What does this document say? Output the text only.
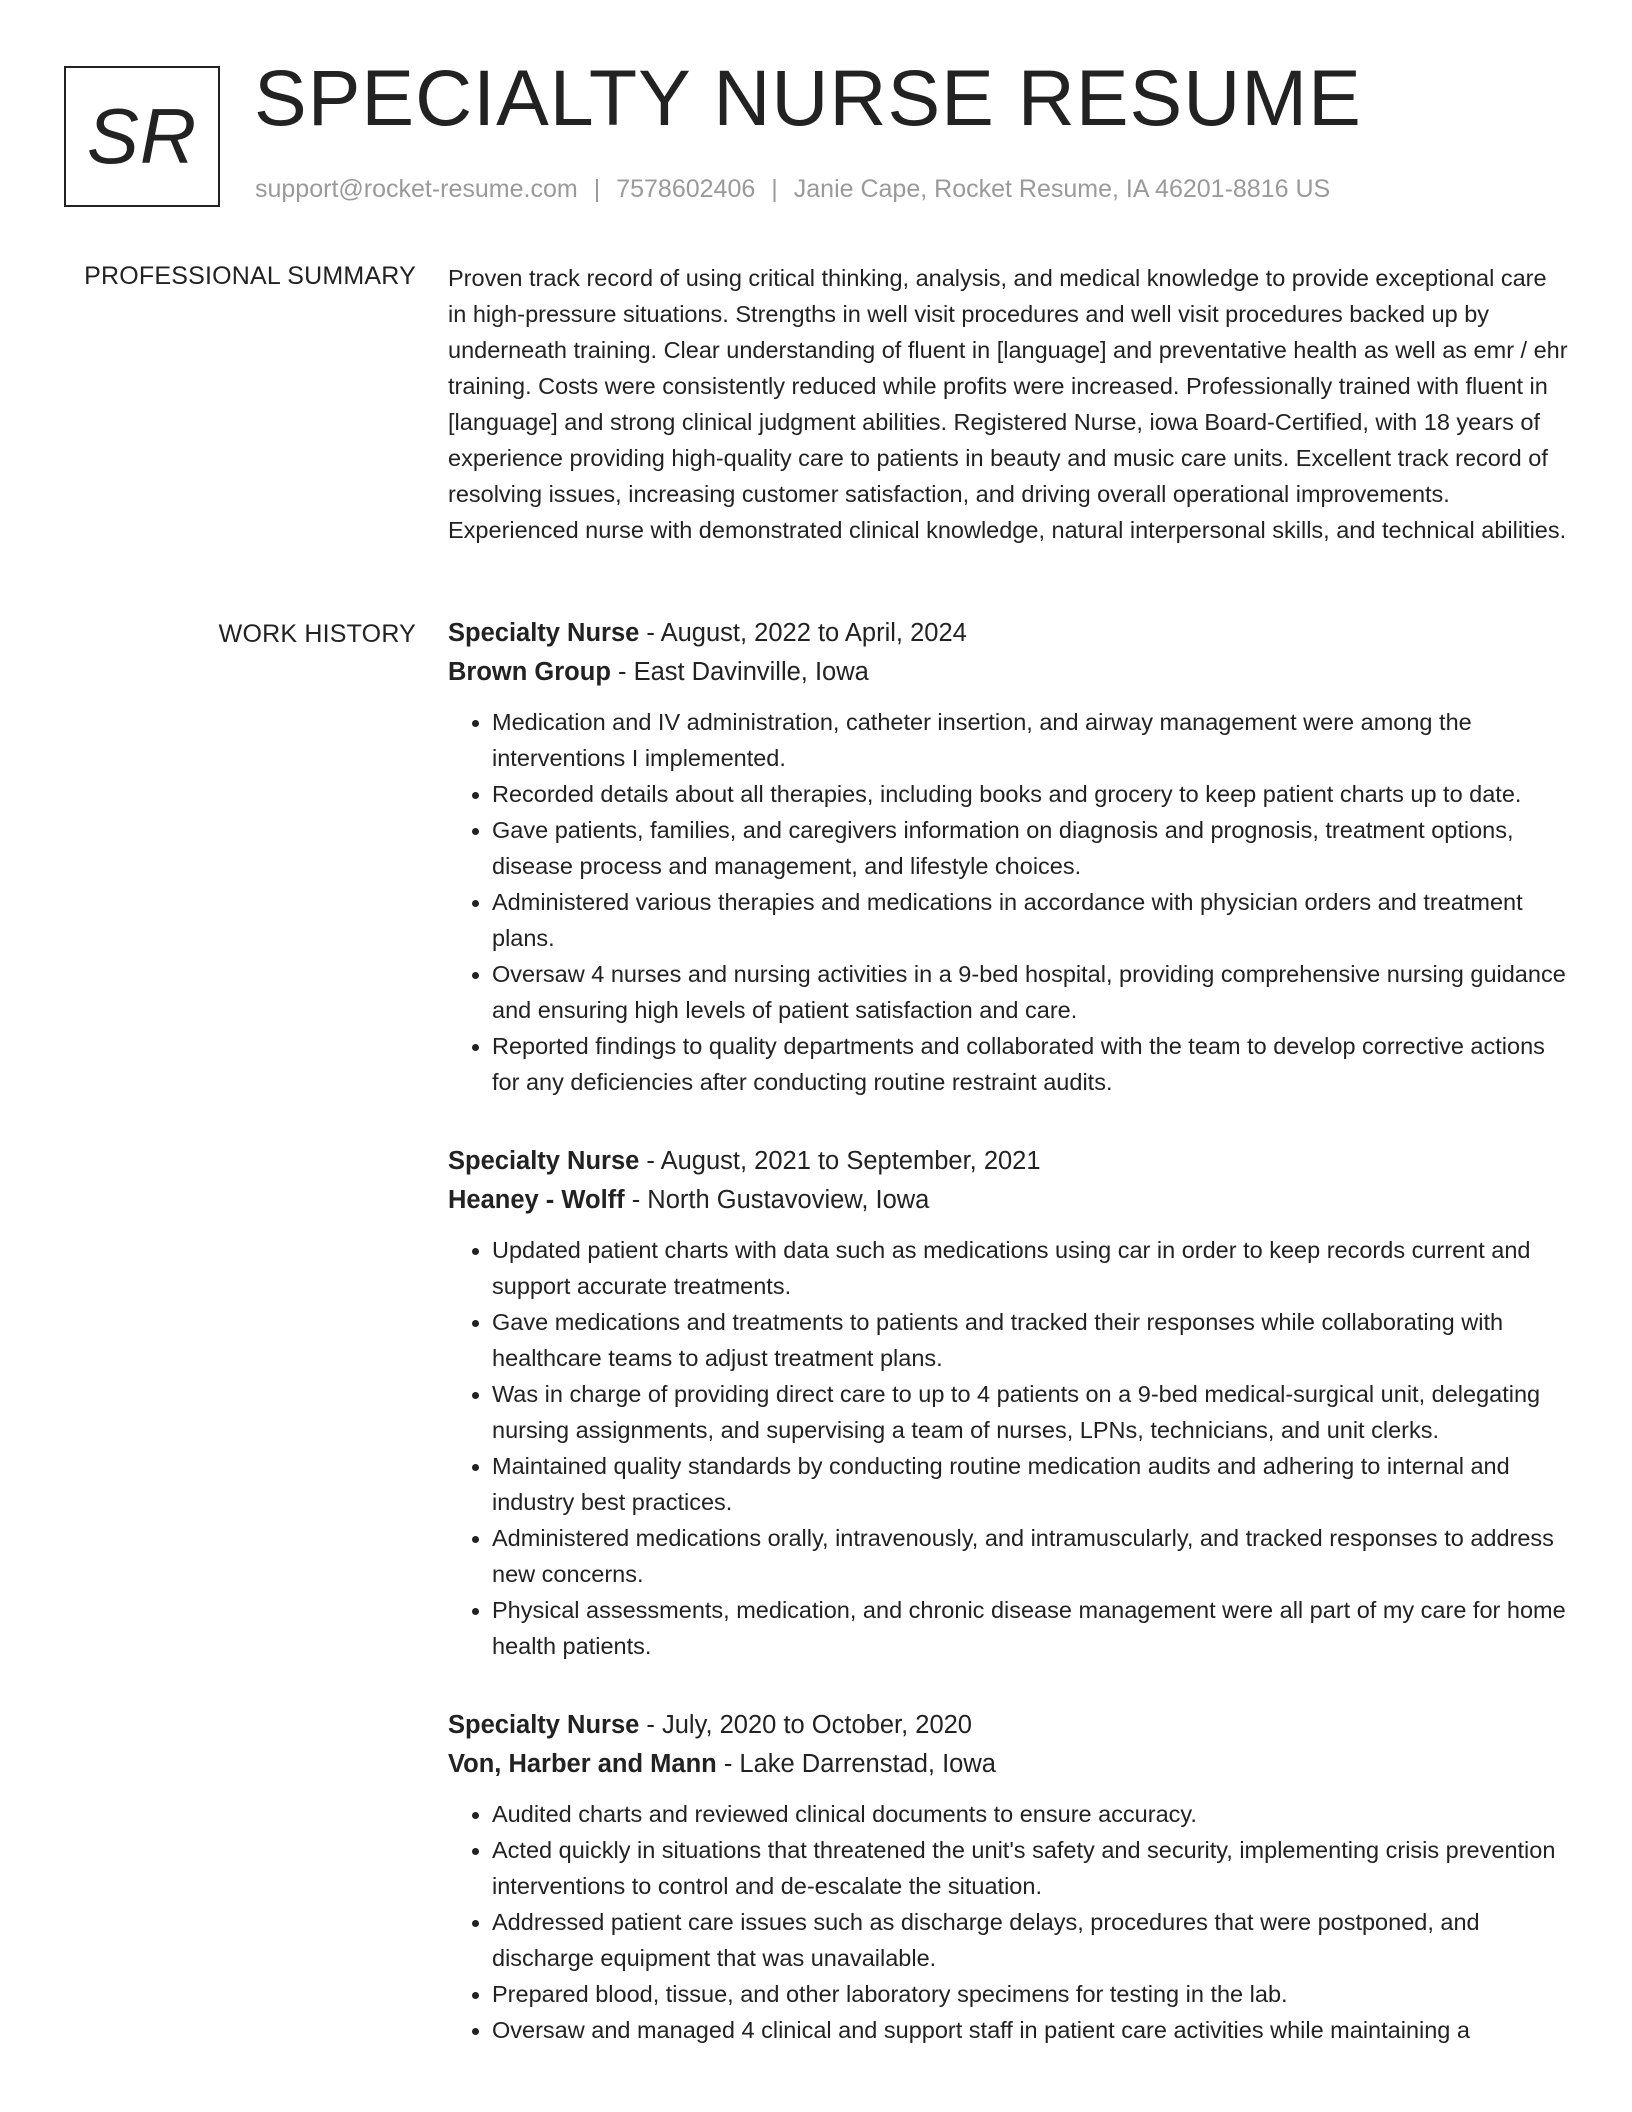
SR SPECIALTY NURSE RESUME
support@rocket-resume.com | 7578602406 | Janie Cape, Rocket Resume, IA 46201-8816 US
PROFESSIONAL SUMMARY Proven track record of using critical thinking, analysis, and medical knowledge to provide exceptional care in high-pressure situations. Strengths in well visit procedures and well visit procedures backed up by underneath training. Clear understanding of fluent in [language] and preventative health as well as emr / ehr training. Costs were consistently reduced while profits were increased. Professionally trained with fluent in [language] and strong clinical judgment abilities. Registered Nurse, iowa Board-Certified, with 18 years of experience providing high-quality care to patients in beauty and music care units. Excellent track record of resolving issues, increasing customer satisfaction, and driving overall operational improvements. Experienced nurse with demonstrated clinical knowledge, natural interpersonal skills, and technical abilities.
WORK HISTORY Specialty Nurse - August, 2022 to April, 2024
Brown Group - East Davinville, Iowa
• Medication and IV administration, catheter insertion, and airway management were among the interventions I implemented.
• Recorded details about all therapies, including books and grocery to keep patient charts up to date.
• Gave patients, families, and caregivers information on diagnosis and prognosis, treatment options, disease process and management, and lifestyle choices.
• Administered various therapies and medications in accordance with physician orders and treatment plans.
• Oversaw 4 nurses and nursing activities in a 9-bed hospital, providing comprehensive nursing guidance and ensuring high levels of patient satisfaction and care.
• Reported findings to quality departments and collaborated with the team to develop corrective actions for any deficiencies after conducting routine restraint audits.
Specialty Nurse - August, 2021 to September, 2021
Heaney - Wolff - North Gustavoview, Iowa
• Updated patient charts with data such as medications using car in order to keep records current and support accurate treatments.
• Gave medications and treatments to patients and tracked their responses while collaborating with healthcare teams to adjust treatment plans.
• Was in charge of providing direct care to up to 4 patients on a 9-bed medical-surgical unit, delegating nursing assignments, and supervising a team of nurses, LPNs, technicians, and unit clerks.
• Maintained quality standards by conducting routine medication audits and adhering to internal and industry best practices.
• Administered medications orally, intravenously, and intramuscularly, and tracked responses to address new concerns.
• Physical assessments, medication, and chronic disease management were all part of my care for home health patients.
Specialty Nurse - July, 2020 to October, 2020
Von, Harber and Mann - Lake Darrenstad, Iowa
• Audited charts and reviewed clinical documents to ensure accuracy.
• Acted quickly in situations that threatened the unit's safety and security, implementing crisis prevention interventions to control and de-escalate the situation.
• Addressed patient care issues such as discharge delays, procedures that were postponed, and discharge equipment that was unavailable.
• Prepared blood, tissue, and other laboratory specimens for testing in the lab.
• Oversaw and managed 4 clinical and support staff in patient care activities while maintaining a
